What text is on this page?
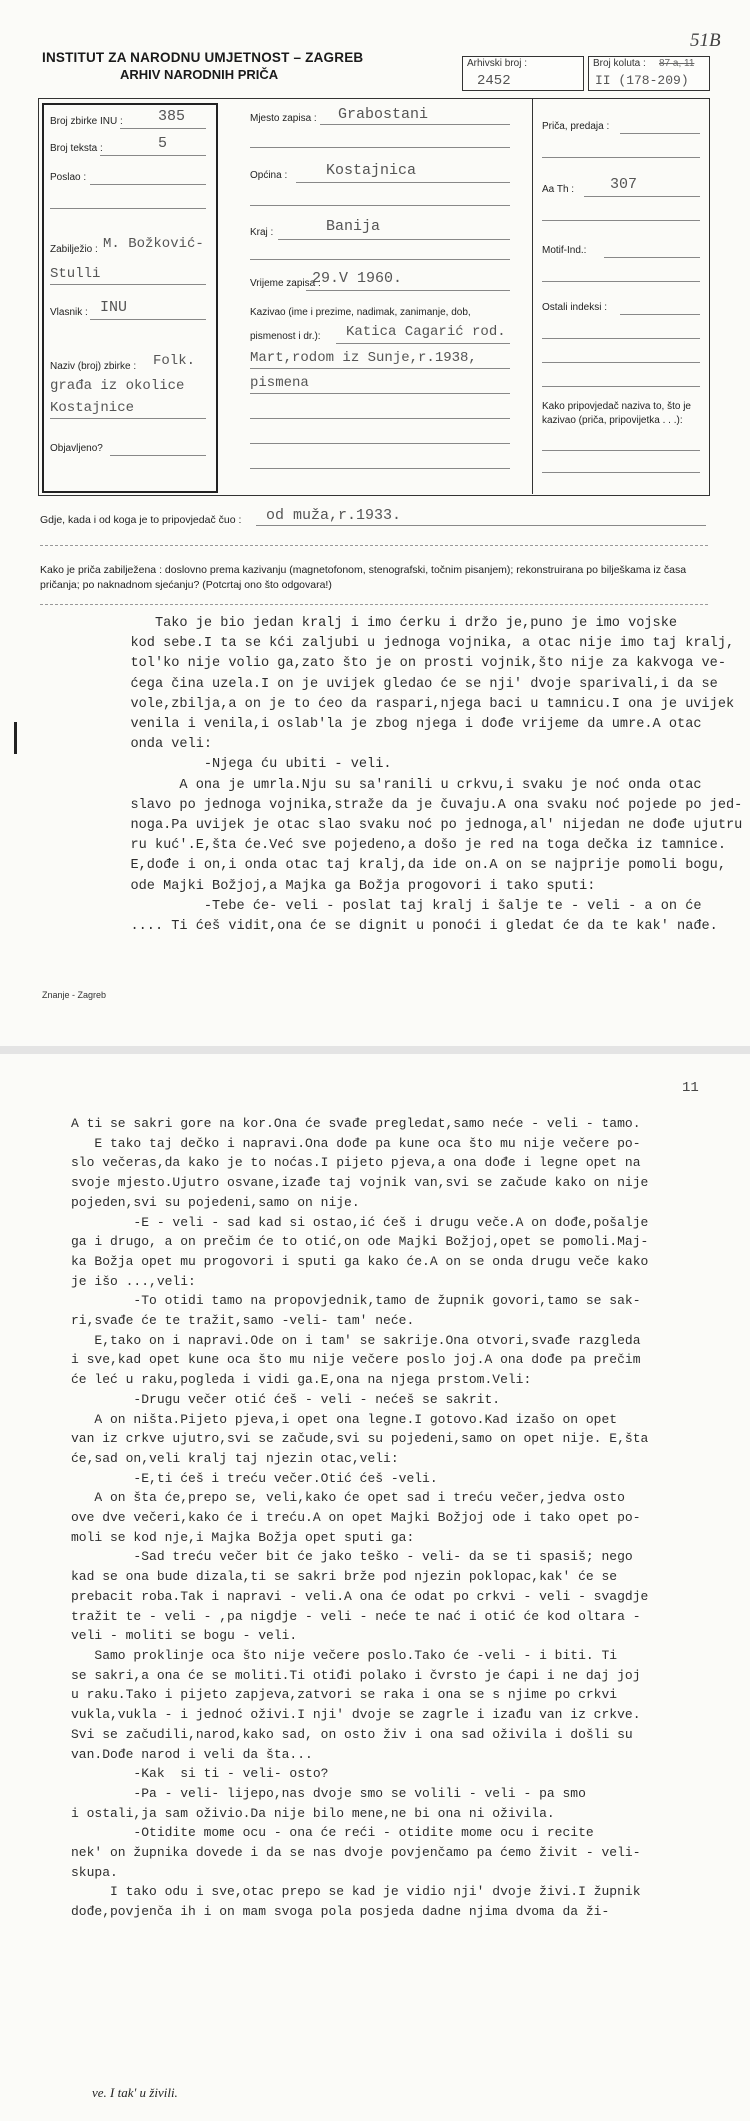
INSTITUT ZA NARODNU UMJETNOST – ZAGREB
ARHIV NARODNIH PRIČA
51B
Arhivski broj :
2452
Broj koluta : 87 a, 11
II (178-209)
Broj zbirke INU : 385
Broj teksta :	5
Poslao :
Zabilježio : M. Božković-
Stulli
Vlasnik : INU
Naziv (broj) zbirke : Folk.
građa iz okolice
Kostajnice
Objavljeno?
Mjesto zapisa : Grabostani
Općina :	Kostajnica
Kraj :	Banija
Vrijeme zapisa :
29.V 1960.
Kazivao (ime i prezime, nadimak, zanimanje, dob,
pismenost i dr.): Katica Cagarić rod.
Mart,rodom iz Sunje,r.1938,
pismena
Priča, predaja :
Aa Th : 307
Motif-Ind.:
Ostali indeksi :
Kako pripovjedač naziva to, što je kazivao (priča, pripovijetka . . .):
Gdje, kada i od koga je to pripovjedač čuo : od muža,r.1933.
Kako je priča zabilježena : doslovno prema kazivanju (magnetofonom, stenografski, točnim pisanjem); rekonstruirana po bilješkama iz časa pričanja; po naknadnom sjećanju? (Potcrtaj ono što odgovara!)
Tako je bio jedan kralj i imo ćerku i držo je,puno je imo vojske
kod sebe.I ta se kći zaljubi u jednoga vojnika, a otac nije imo taj kralj,
tol'ko nije volio ga,zato što je on prosti vojnik,što nije za kakvoga ve-
ćega čina uzela.I on je uvijek gledao će se nji' dvoje sparivali,i da se
vole,zbilja,a on je to ćeo da raspari,njega baci u tamnicu.I ona je uvijek
venila i venila,i oslab'la je zbog njega i dođe vrijeme da umre.A otac
onda veli:
-Njega ću ubiti - veli.
A ona je umrla.Nju su sa'ranili u crkvu,i svaku je noć onda otac
slavo po jednoga vojnika,straže da je čuvaju.A ona svaku noć pojede po jed-
noga.Pa uvijek je otac slao svaku noć po jednoga,al' nijedan ne dođe ujutru
ru kuć'.E,šta će.Već sve pojedeno,a došo je red na toga dečka iz tamnice.
E,dođe i on,i onda otac taj kralj,da ide on.A on se najprije pomoli bogu,
ode Majki Božjoj,a Majka ga Božja progovori i tako sputi:
-Tebe će- veli - poslat taj kralj i šalje te - veli - a on će
.... Ti ćeš vidit,ona će se dignit u ponoći i gledat će da te kak' nađe.
Znanje - Zagreb
11
A ti se sakri gore na kor.Ona će svađe pregledat,samo neće - veli - tamo.
E tako taj dečko i napravi.Ona dođe pa kune oca što mu nije večere po-
slo večeras,da kako je to noćas.I pijeto pjeva,a ona dođe i legne opet na
svoje mjesto.Ujutro osvane,izađe taj vojnik van,svi se začude kako on nije
pojeden,svi su pojedeni,samo on nije.
-E - veli - sad kad si ostao,ić ćeš i drugu veče.A on dođe,pošalje
ga i drugo, a on prečim će to otić,on ode Majki Božjoj,opet se pomoli.Maj-
ka Božja opet mu progovori i sputi ga kako će.A on se onda drugu veče kako
je išo ...,veli:
-To otidi tamo na propovjednik,tamo de župnik govori,tamo se sak-
ri,svađe će te tražit,samo -veli- tam' neće.
E,tako on i napravi.Ode on i tam' se sakrije.Ona otvori,svađe razgleda
i sve,kad opet kune oca što mu nije večere poslo joj.A ona dođe pa prečim
će leć u raku,pogleda i vidi ga.E,ona na njega prstom.Veli:
-Drugu večer otić ćeš - veli - nećeš se sakrit.
A on ništa.Pijeto pjeva,i opet ona legne.I gotovo.Kad izašo on opet
van iz crkve ujutro,svi se začude,svi su pojedeni,samo on opet nije. E,šta
će,sad on,veli kralj taj njezin otac,veli:
-E,ti ćeš i treću večer.Otić ćeš -veli.
A on šta će,prepo se, veli,kako će opet sad i treću večer,jedva osto
ove dve večeri,kako će i treću.A on opet Majki Božjoj ode i tako opet po-
moli se kod nje,i Majka Božja opet sputi ga:
-Sad treću večer bit će jako teško - veli- da se ti spasiš; nego
kad se ona bude dizala,ti se sakri brže pod njezin poklopac,kak' će se
prebacit roba.Tak i napravi - veli.A ona će odat po crkvi - veli - svagdje
tražit te - veli - ,pa nigdje - veli - neće te nać i otić će kod oltara -
veli - moliti se bogu - veli.
Samo proklinje oca što nije večere poslo.Tako će -veli - i biti. Ti
se sakri,a ona će se moliti.Ti otiđi polako i čvrsto je ćapi i ne daj joj
u raku.Tako i pijeto zapjeva,zatvori se raka i ona se s njime po crkvi
vukla,vukla - i jednoć oživi.I nji' dvoje se zagrle i izađu van iz crkve.
Svi se začudili,narod,kako sad, on osto živ i ona sad oživila i došli su
van.Dođe narod i veli da šta...
-Kak  si ti - veli- osto?
-Pa - veli- lijepo,nas dvoje smo se volili - veli - pa smo
i ostali,ja sam oživio.Da nije bilo mene,ne bi ona ni oživila.
-Otidite mome ocu - ona će reći - otidite mome ocu i recite
nek' on župnika dovede i da se nas dvoje povjenčamo pa ćemo živit - veli-
skupa.
I tako odu i sve,otac prepo se kad je vidio nji' dvoje živi.I župnik dođe,povjenča ih i on mam svoga pola posjeda dadne njima dvoma da ži-
ve. I tak' u živili.
